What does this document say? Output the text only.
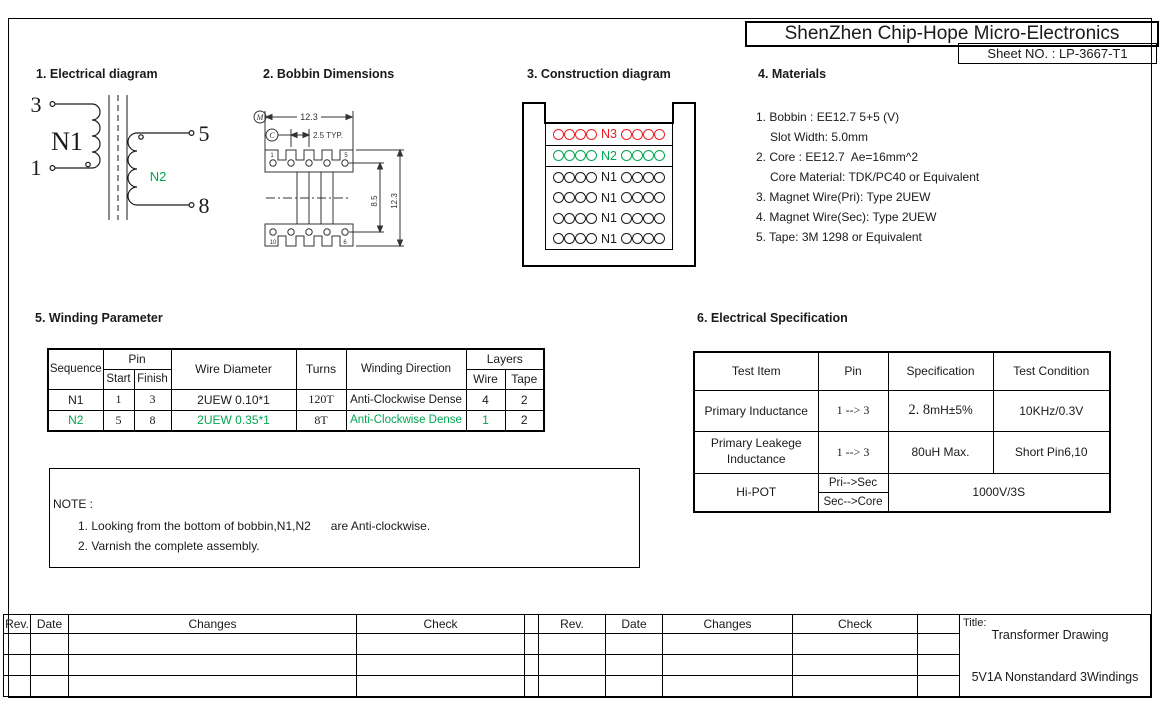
ShenZhen Chip-Hope Micro-Electronics
Sheet NO. : LP-3667-T1
1. Electrical diagram	2. Bobbin Dimensions	3. Construction diagram	4. Materials
5. Winding Parameter	6. Electrical Specification
3
1
N1	5
8
N2
M	12.3
C	2.5 TYP.
1	5
10	6
8.5 12.3
N3
N2
N1
N1
N1
N1
1. Bobbin : EE12.7 5+5 (V)
Slot Width: 5.0mm
2. Core : EE12.7  Ae=16mm^2
Core Material: TDK/PC40 or Equivalent
3. Magnet Wire(Pri): Type 2UEW
4. Magnet Wire(Sec): Type 2UEW
5. Tape: 3M 1298 or Equivalent
Sequence	Pin		Wire Diameter	Turns	Winding Direction	Layers	
	Start	Finish				Wire	Tape
N1	1	3	2UEW 0.10*1	120T	Anti-Clockwise Dense	4	2
N2	5	8	2UEW 0.35*1	8T	Anti-Clockwise Dense	1	2
NOTE :
1. Looking from the bottom of bobbin,N1,N2      are Anti-clockwise.
2. Varnish the complete assembly.
Test Item	Pin	Specification	Test Condition
Primary Inductance	1 --> 3	2. 8mH±5%	10KHz/0.3V
Primary Leakege Inductance	1 --> 3	80uH Max.	Short Pin6,10
Hi-POT	Pri-->Sec	1000V/3S	
	Sec-->Core		
Rev.	Date	Changes	Check		Rev.	Date	Changes	Check		Title:
Transformer Drawing
5V1A Nonstandard 3Windings
